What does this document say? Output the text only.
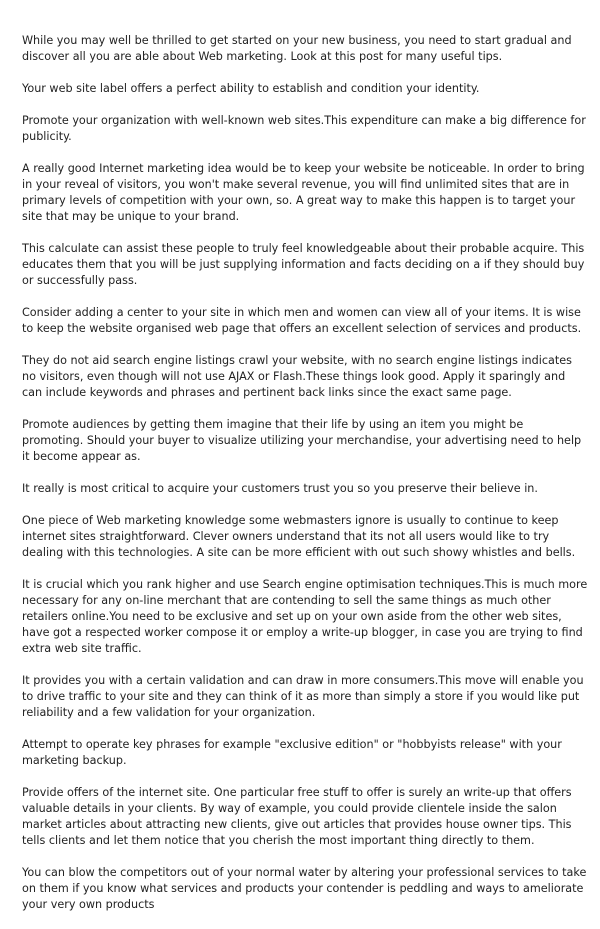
While you may well be thrilled to get started on your new business, you need to start gradual and discover all you are able about Web marketing. Look at this post for many useful tips.

Your web site label offers a perfect ability to establish and condition your identity.

Promote your organization with well-known web sites.This expenditure can make a big difference for publicity.

A really good Internet marketing idea would be to keep your website be noticeable. In order to bring in your reveal of visitors, you won't make several revenue, you will find unlimited sites that are in primary levels of competition with your own, so. A great way to make this happen is to target your site that may be unique to your brand.

This calculate can assist these people to truly feel knowledgeable about their probable acquire. This educates them that you will be just supplying information and facts deciding on a if they should buy or successfully pass.

Consider adding a center to your site in which men and women can view all of your items. It is wise to keep the website organised web page that offers an excellent selection of services and products.

They do not aid search engine listings crawl your website, with no search engine listings indicates no visitors, even though will not use AJAX or Flash.These things look good. Apply it sparingly and can include keywords and phrases and pertinent back links since the exact same page.

Promote audiences by getting them imagine that their life by using an item you might be promoting. Should your buyer to visualize utilizing your merchandise, your advertising need to help it become appear as.

It really is most critical to acquire your customers trust you so you preserve their believe in.

One piece of Web marketing knowledge some webmasters ignore is usually to continue to keep internet sites straightforward. Clever owners understand that its not all users would like to try dealing with this technologies. A site can be more efficient with out such showy whistles and bells.

It is crucial which you rank higher and use Search engine optimisation techniques.This is much more necessary for any on-line merchant that are contending to sell the same things as much other retailers online.You need to be exclusive and set up on your own aside from the other web sites, have got a respected worker compose it or employ a write-up blogger, in case you are trying to find extra web site traffic.

It provides you with a certain validation and can draw in more consumers.This move will enable you to drive traffic to your site and they can think of it as more than simply a store if you would like put reliability and a few validation for your organization.

Attempt to operate key phrases for example "exclusive edition" or "hobbyists release" with your marketing backup.

Provide offers of the internet site. One particular free stuff to offer is surely an write-up that offers valuable details in your clients. By way of example, you could provide clientele inside the salon market articles about attracting new clients, give out articles that provides house owner tips. This tells clients and let them notice that you cherish the most important thing directly to them.

You can blow the competitors out of your normal water by altering your professional services to take on them if you know what services and products your contender is peddling and ways to ameliorate your very own products
